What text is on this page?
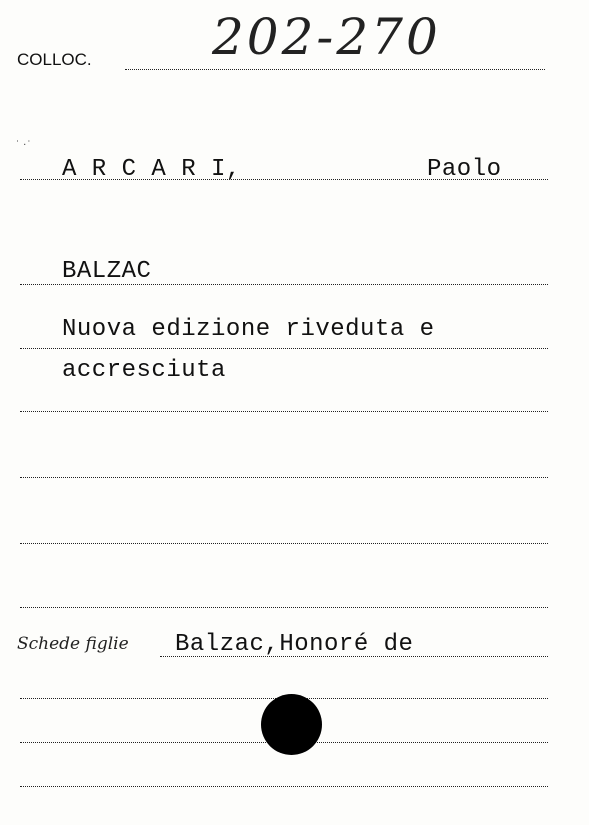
COLLOC. 202-270
˙ ·˙
A R C A R I,	Paolo
BALZAC
Nuova edizione riveduta e
accresciuta
Schede figlie Balzac,Honoré de
